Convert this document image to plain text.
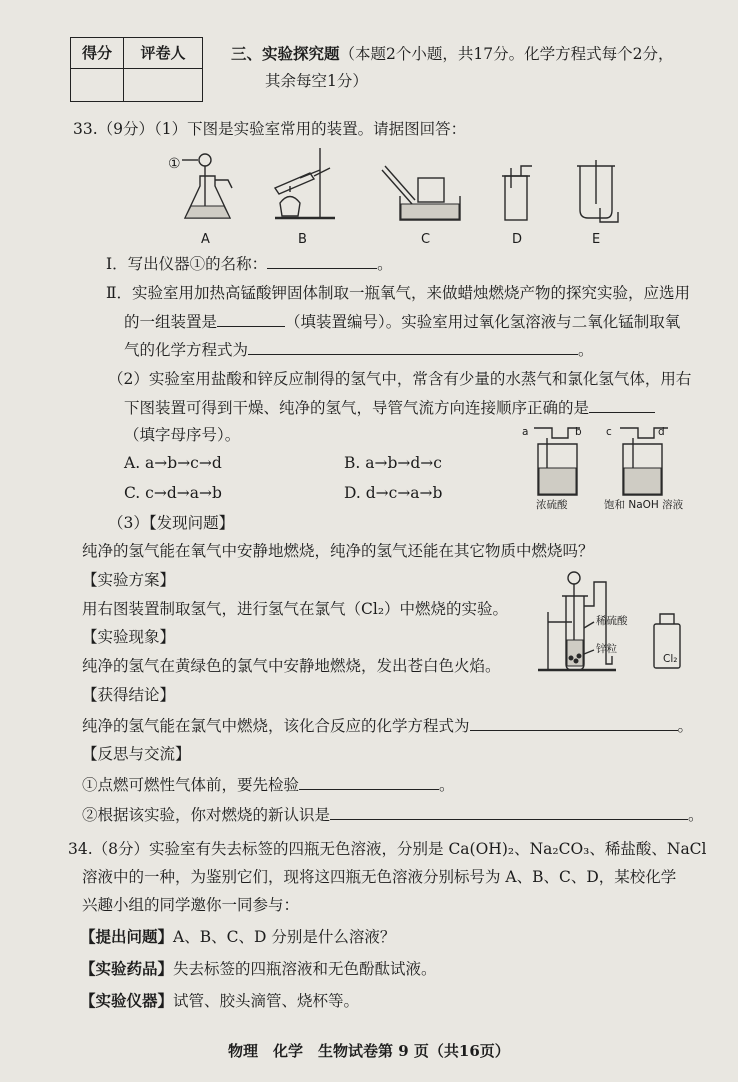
得分	评卷人
		三、实验探究题（本题2个小题，共17分。化学方程式每个2分，
其余每空1分）
33.（9分）（1）下图是实验室常用的装置。请据图回答：
①
A	B	C	D	E
Ⅰ．写出仪器①的名称：	。
Ⅱ．实验室用加热高锰酸钾固体制取一瓶氧气，来做蜡烛燃烧产物的探究实验，应选用
的一组装置是	（填装置编号）。实验室用过氧化氢溶液与二氧化锰制取氧
气的化学方程式为	。
（2）实验室用盐酸和锌反应制得的氢气中，常含有少量的水蒸气和氯化氢气体，用右
下图装置可得到干燥、纯净的氢气，导管气流方向连接顺序正确的是
（填字母序号）。
A. a→b→c→d	B. a→b→d→c
C. c→d→a→b	D. d→c→a→b
a	b c	d
浓硫酸	饱和 NaOH 溶液
（3）【发现问题】
纯净的氢气能在氧气中安静地燃烧，纯净的氢气还能在其它物质中燃烧吗？
【实验方案】
用右图装置制取氢气，进行氢气在氯气（Cl₂）中燃烧的实验。
【实验现象】
纯净的氢气在黄绿色的氯气中安静地燃烧，发出苍白色火焰。
【获得结论】
纯净的氢气能在氯气中燃烧，该化合反应的化学方程式为	。
【反思与交流】
①点燃可燃性气体前，要先检验	。
②根据该实验，你对燃烧的新认识是	。
稀硫酸
锌粒
Cl₂
34.（8分）实验室有失去标签的四瓶无色溶液，分别是 Ca(OH)₂、Na₂CO₃、稀盐酸、NaCl
溶液中的一种，为鉴别它们，现将这四瓶无色溶液分别标号为 A、B、C、D，某校化学
兴趣小组的同学邀你一同参与：
【提出问题】A、B、C、D 分别是什么溶液？
【实验药品】失去标签的四瓶溶液和无色酚酞试液。
【实验仪器】试管、胶头滴管、烧杯等。
物理　化学　生物试卷第 9 页（共16页）
